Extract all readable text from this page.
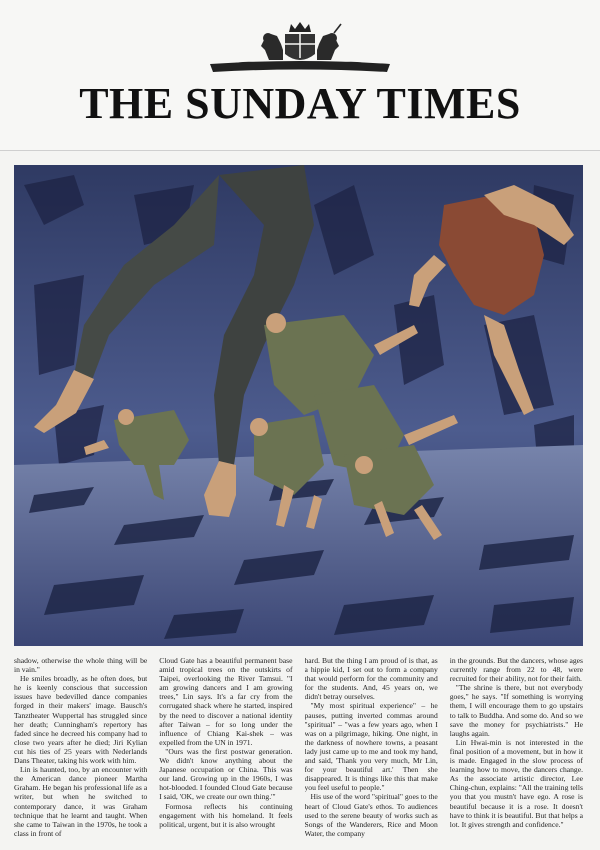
THE SUNDAY TIMES

shadow, otherwise the whole thing will be in vain."

He smiles broadly, as he often does, but he is keenly conscious that succession issues have bedevilled dance companies forged in their makers' image. Bausch's Tanztheater Wuppertal has struggled since her death; Cunningham's repertory has faded since he decreed his company had to close two years after he died; Jiri Kylian cut his ties of 25 years with Nederlands Dans Theater, taking his work with him.

Lin is haunted, too, by an encounter with the American dance pioneer Martha Graham. He began his professional life as a writer, but when he switched to contemporary dance, it was Graham technique that he learnt and taught. When she came to Taiwan in the 1970s, he took a class in front of

Cloud Gate has a beautiful permanent base amid tropical trees on the outskirts of Taipei, overlooking the River Tamsui. "I am growing dancers and I am growing trees," Lin says. It's a far cry from the corrugated shack where he started, inspired by the need to discover a national identity after Taiwan – for so long under the influence of Chiang Kai-shek – was expelled from the UN in 1971.

"Ours was the first postwar generation. We didn't know anything about the Japanese occupation or China. This was our land. Growing up in the 1960s, I was hot-blooded. I founded Cloud Gate because I said, 'OK, we create our own thing.'"

Formosa reflects his continuing engagement with his homeland. It feels political, urgent, but it is also wrought

hard. But the thing I am proud of is that, as a hippie kid, I set out to form a company that would perform for the community and for the students. And, 45 years on, we didn't betray ourselves.

"My most spiritual experience" – he pauses, putting inverted commas around "spiritual" – "was a few years ago, when I was on a pilgrimage, hiking. One night, in the darkness of nowhere towns, a peasant lady just came up to me and took my hand, and said, 'Thank you very much, Mr Lin, for your beautiful art.' Then she disappeared. It is things like this that make you feel useful to people."

His use of the word "spiritual" goes to the heart of Cloud Gate's ethos. To audiences used to the serene beauty of works such as Songs of the Wanderers, Rice and Moon Water, the company

in the grounds. But the dancers, whose ages currently range from 22 to 48, were recruited for their ability, not for their faith.

"The shrine is there, but not everybody goes," he says. "If something is worrying them, I will encourage them to go upstairs to talk to Buddha. And some do. And so we save the money for psychiatrists." He laughs again.

Lin Hwai-min is not interested in the final position of a movement, but in how it is made. Engaged in the slow process of learning how to move, the dancers change. As the associate artistic director, Lee Ching-chun, explains: "All the training tells you that you mustn't have ego. A rose is beautiful because it is a rose. It doesn't have to think it is beautiful. But that helps a lot. It gives strength and confidence."
